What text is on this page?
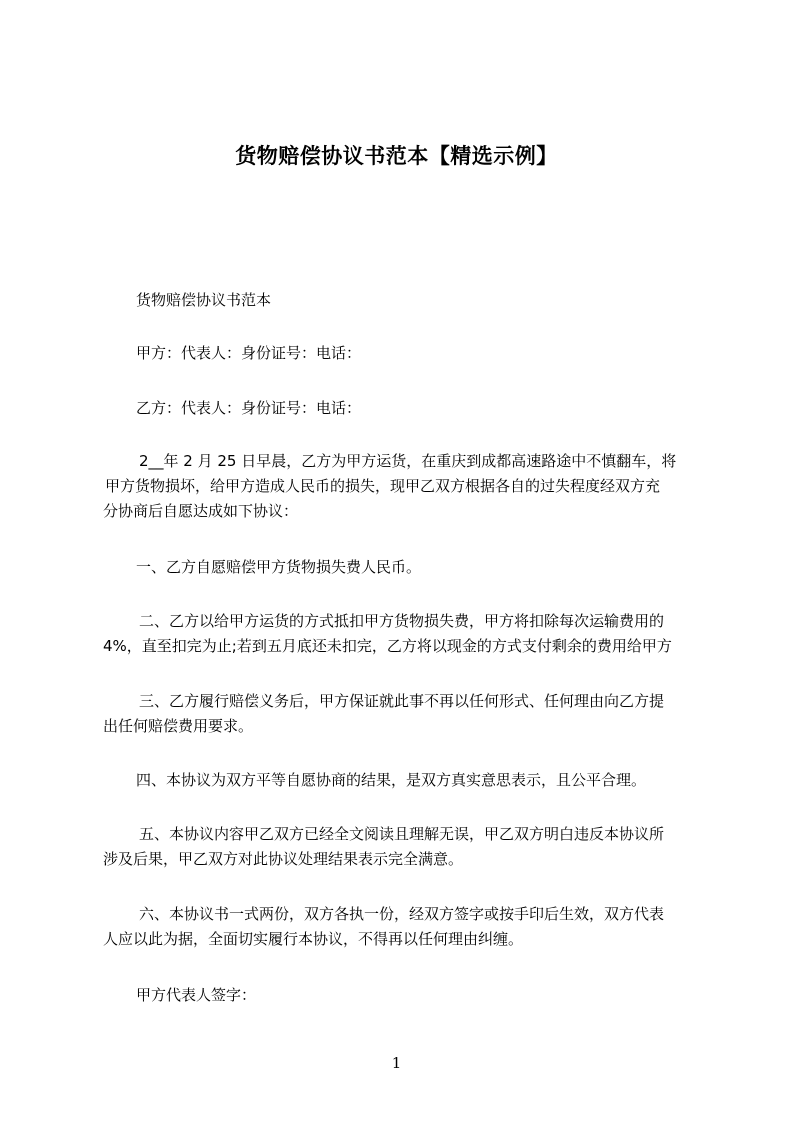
货物赔偿协议书范本【精选示例】
货物赔偿协议书范本
甲方：代表人：身份证号：电话：
乙方：代表人：身份证号：电话：
2__年 2 月 25 日早晨，乙方为甲方运货，在重庆到成都高速路途中不慎翻车，将
甲方货物损坏，给甲方造成人民币的损失，现甲乙双方根据各自的过失程度经双方充
分协商后自愿达成如下协议：
一、乙方自愿赔偿甲方货物损失费人民币。
二、乙方以给甲方运货的方式抵扣甲方货物损失费，甲方将扣除每次运输费用的
4%，直至扣完为止;若到五月底还未扣完，乙方将以现金的方式支付剩余的费用给甲方
三、乙方履行赔偿义务后，甲方保证就此事不再以任何形式、任何理由向乙方提
出任何赔偿费用要求。
四、本协议为双方平等自愿协商的结果，是双方真实意思表示，且公平合理。
五、本协议内容甲乙双方已经全文阅读且理解无误，甲乙双方明白违反本协议所
涉及后果，甲乙双方对此协议处理结果表示完全满意。
六、本协议书一式两份，双方各执一份，经双方签字或按手印后生效，双方代表
人应以此为据，全面切实履行本协议，不得再以任何理由纠缠。
甲方代表人签字：
1
